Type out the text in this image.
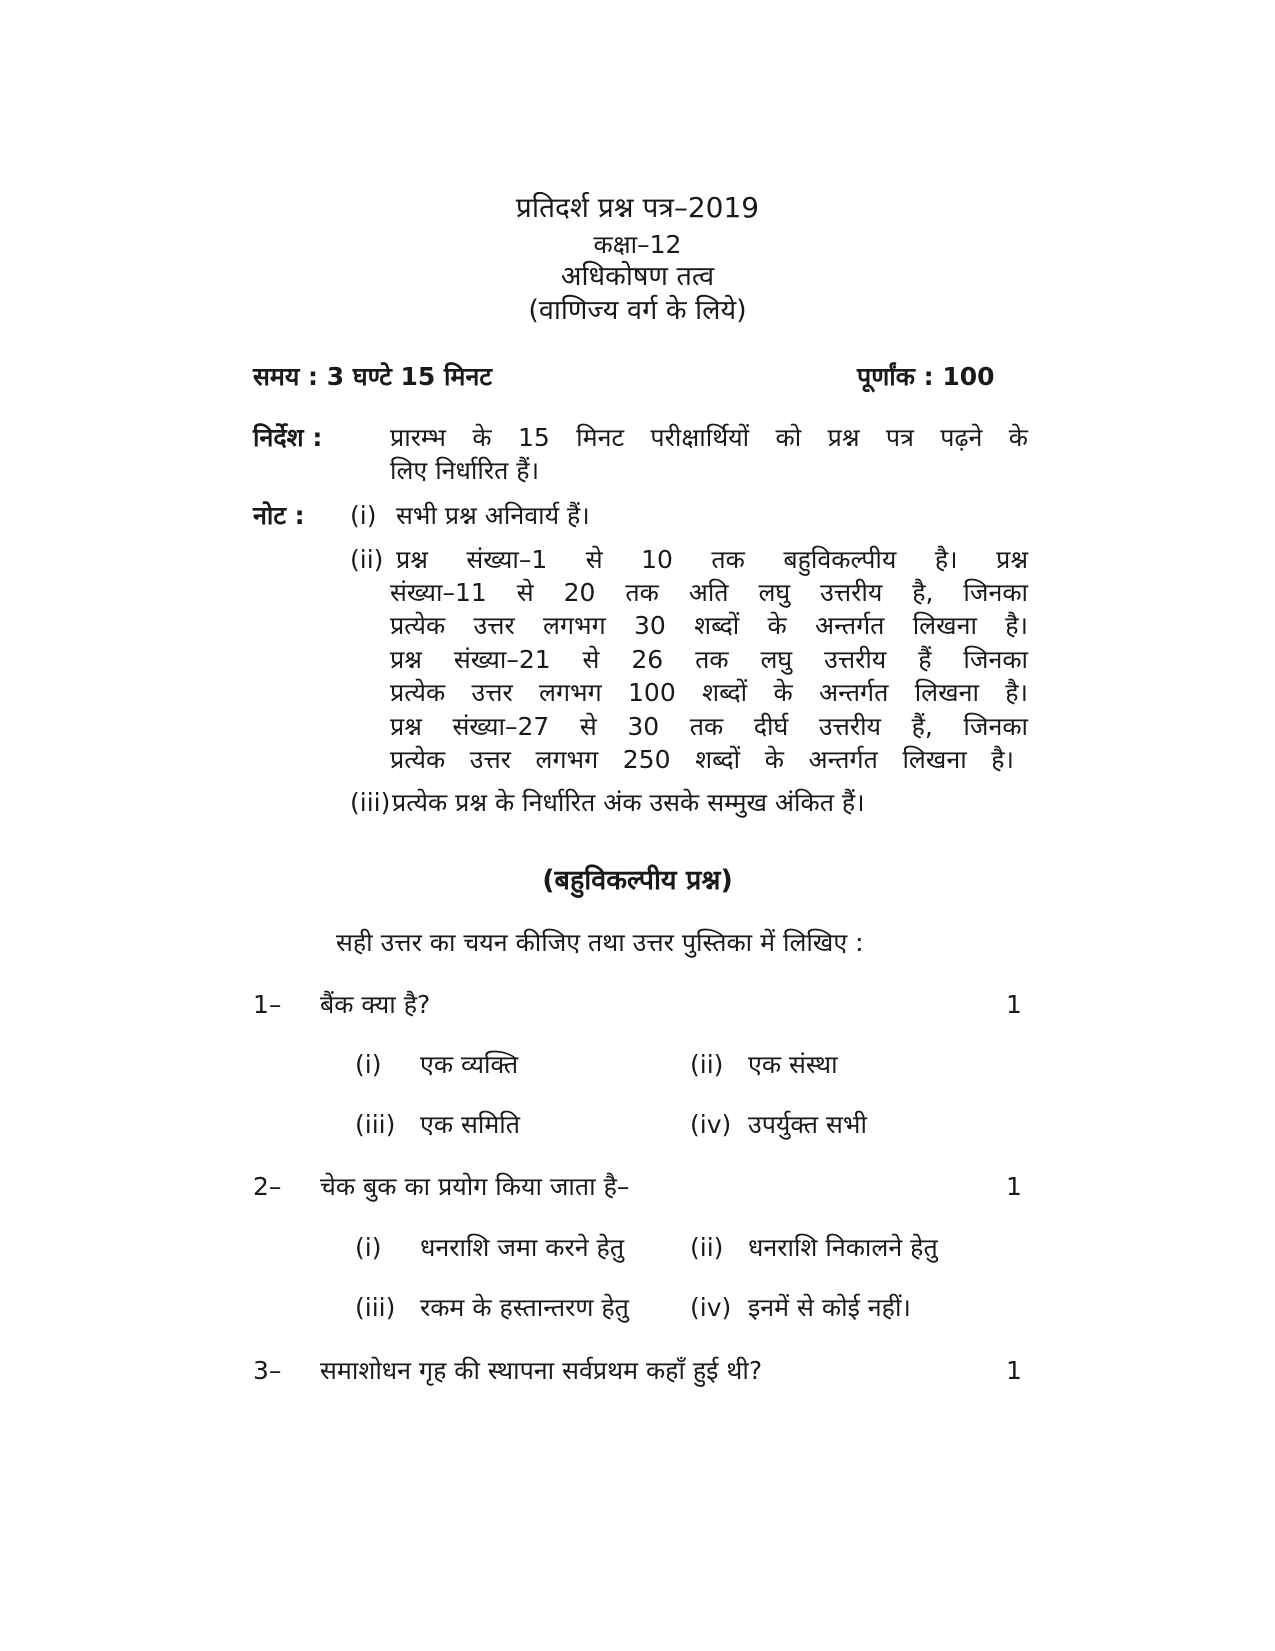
प्रतिदर्श प्रश्न पत्र–2019
कक्षा–12
अधिकोषण तत्व
(वाणिज्य वर्ग के लिये)
समय : 3 घण्टे 15 मिनट	पूर्णांक : 100
निर्देश :	प्रारम्भ के 15 मिनट परीक्षार्थियों को प्रश्न पत्र पढ़ने के
लिए निर्धारित हैं।
नोट : (i) सभी प्रश्न अनिवार्य हैं।
(ii) प्रश्न संख्या–1 से 10 तक बहुविकल्पीय है। प्रश्न
संख्या–11 से 20 तक अति लघु उत्तरीय है, जिनका
प्रत्येक उत्तर लगभग 30 शब्दों के अन्तर्गत लिखना है।
प्रश्न संख्या–21 से 26 तक लघु उत्तरीय हैं जिनका
प्रत्येक उत्तर लगभग 100 शब्दों के अन्तर्गत लिखना है।
प्रश्न संख्या–27 से 30 तक दीर्घ उत्तरीय हैं, जिनका
प्रत्येक उत्तर लगभग 250 शब्दों के अन्तर्गत लिखना है।
(iii) प्रत्येक प्रश्न के निर्धारित अंक उसके सम्मुख अंकित हैं।
(बहुविकल्पीय प्रश्न)
सही उत्तर का चयन कीजिए तथा उत्तर पुस्तिका में लिखिए :
1– बैंक क्या है?	1
(i) एक व्यक्ति	(ii) एक संस्था
(iii) एक समिति	(iv) उपर्युक्त सभी
2– चेक बुक का प्रयोग किया जाता है–	1
(i) धनराशि जमा करने हेतु	(ii) धनराशि निकालने हेतु
(iii) रकम के हस्तान्तरण हेतु (iv) इनमें से कोई नहीं।
3– समाशोधन गृह की स्थापना सर्वप्रथम कहाँ हुई थी?	1
